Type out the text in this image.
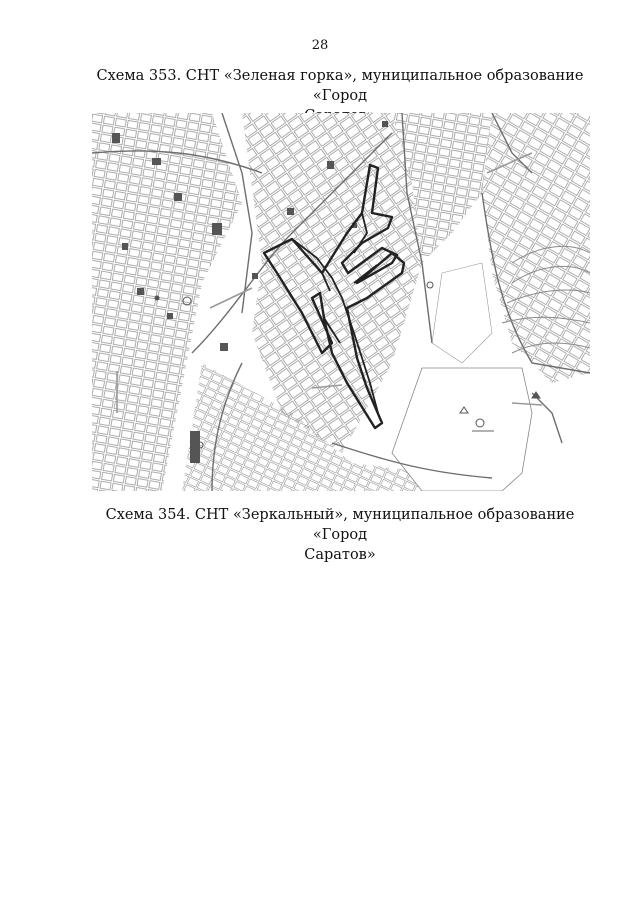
28
Схема 353. СНТ «Зеленая горка», муниципальное образование «Город
Схема 354. СНТ «Зеркальный», муниципальное образование «Город
Саратов»
